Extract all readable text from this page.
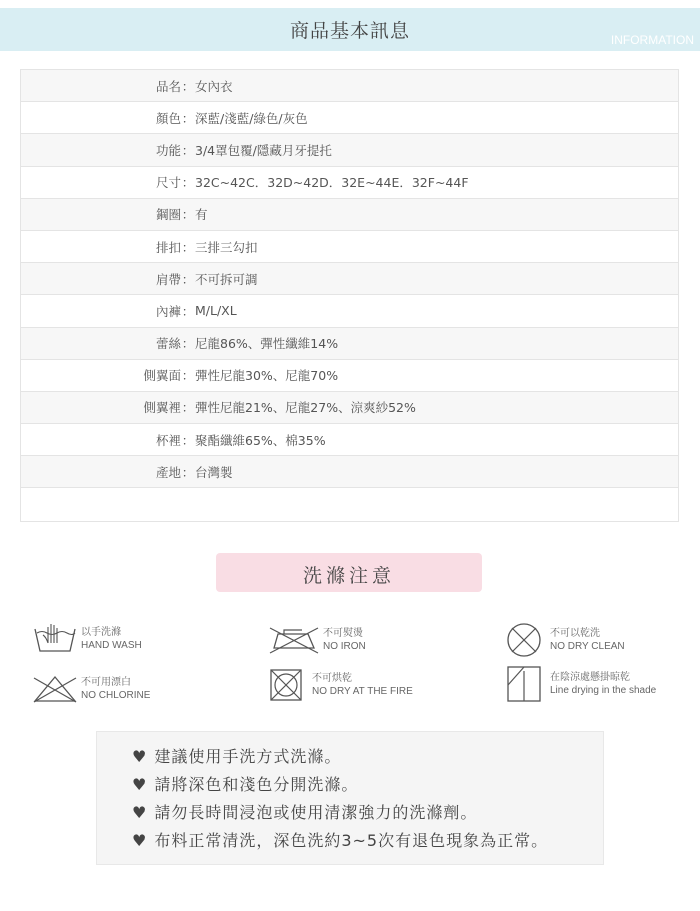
商品基本訊息	INFORMATION
品名 ： 女內衣
顏色 ： 深藍/淺藍/綠色/灰色
功能 ： 3/4罩包覆/隱藏月牙提托
尺寸 ： 32C~42C．32D~42D．32E~44E．32F~44F
鋼圈 ： 有
排扣 ： 三排三勾扣
肩帶 ： 不可拆可調
內褲 ： M/L/XL
蕾絲 ： 尼龍86%、彈性纖維14%
側翼面 ： 彈性尼龍30%、尼龍70%
側翼裡 ： 彈性尼龍21%、尼龍27%、涼爽紗52%
杯裡 ： 聚酯纖維65%、棉35%
產地 ： 台灣製
洗滌注意
以手洗滌
HAND WASH
不可熨燙
NO IRON
不可以乾洗
NO DRY CLEAN
不可用漂白
NO CHLORINE
不可烘乾
NO DRY AT THE FIRE
在陰涼處懸掛晾乾
Line drying in the shade
♥ 建議使用手洗方式洗滌。
♥ 請將深色和淺色分開洗滌。
♥ 請勿長時間浸泡或使用清潔強力的洗滌劑。
♥ 布料正常清洗，深色洗約3~5次有退色現象為正常。
